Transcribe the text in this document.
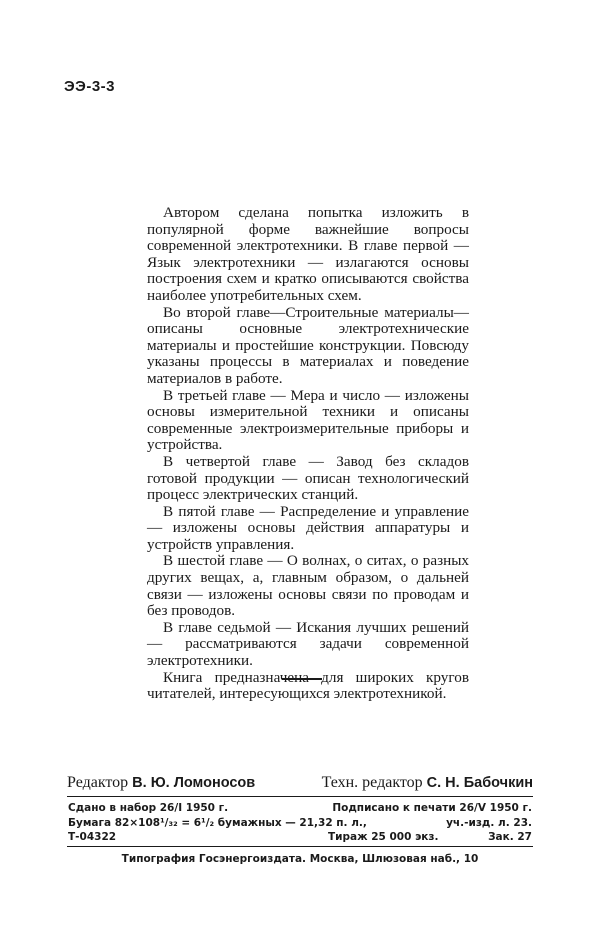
ЭЭ-3-3

Автором сделана попытка изложить в популярной форме важнейшие вопросы современной электротехники. В главе первой — Язык электротехники — излагаются основы построения схем и кратко описываются свойства наиболее употребительных схем.

Во второй главе—Строительные материалы—описаны основные электротехнические материалы и простейшие конструкции. Повсюду указаны процессы в материалах и поведение материалов в работе.

В третьей главе — Мера и число — изложены основы измерительной техники и описаны современные электроизмерительные приборы и устройства.

В четвертой главе — Завод без складов готовой продукции — описан технологический процесс электрических станций.

В пятой главе — Распределение и управление — изложены основы действия аппаратуры и устройств управления.

В шестой главе — О волнах, о ситах, о разных других вещах, а, главным образом, о дальней связи — изложены основы связи по проводам и без проводов.

В главе седьмой — Искания лучших решений — рассматриваются задачи современной электротехники.

Книга предназначена для широких кругов читателей, интересующихся электротехникой.

Редактор В. Ю. Ломоносов	Техн. редактор С. Н. Бабочкин
Сдано в набор 26/I 1950 г.	Подписано к печати 26/V 1950 г.
Бумага 82×108¹/₃₂ = 6¹/₂ бумажных — 21,32 п. л.,	уч.-изд. л. 23.
Т-04322	Тираж 25 000 экз.	Зак. 27
Типография Госэнергоиздата. Москва, Шлюзовая наб., 10
